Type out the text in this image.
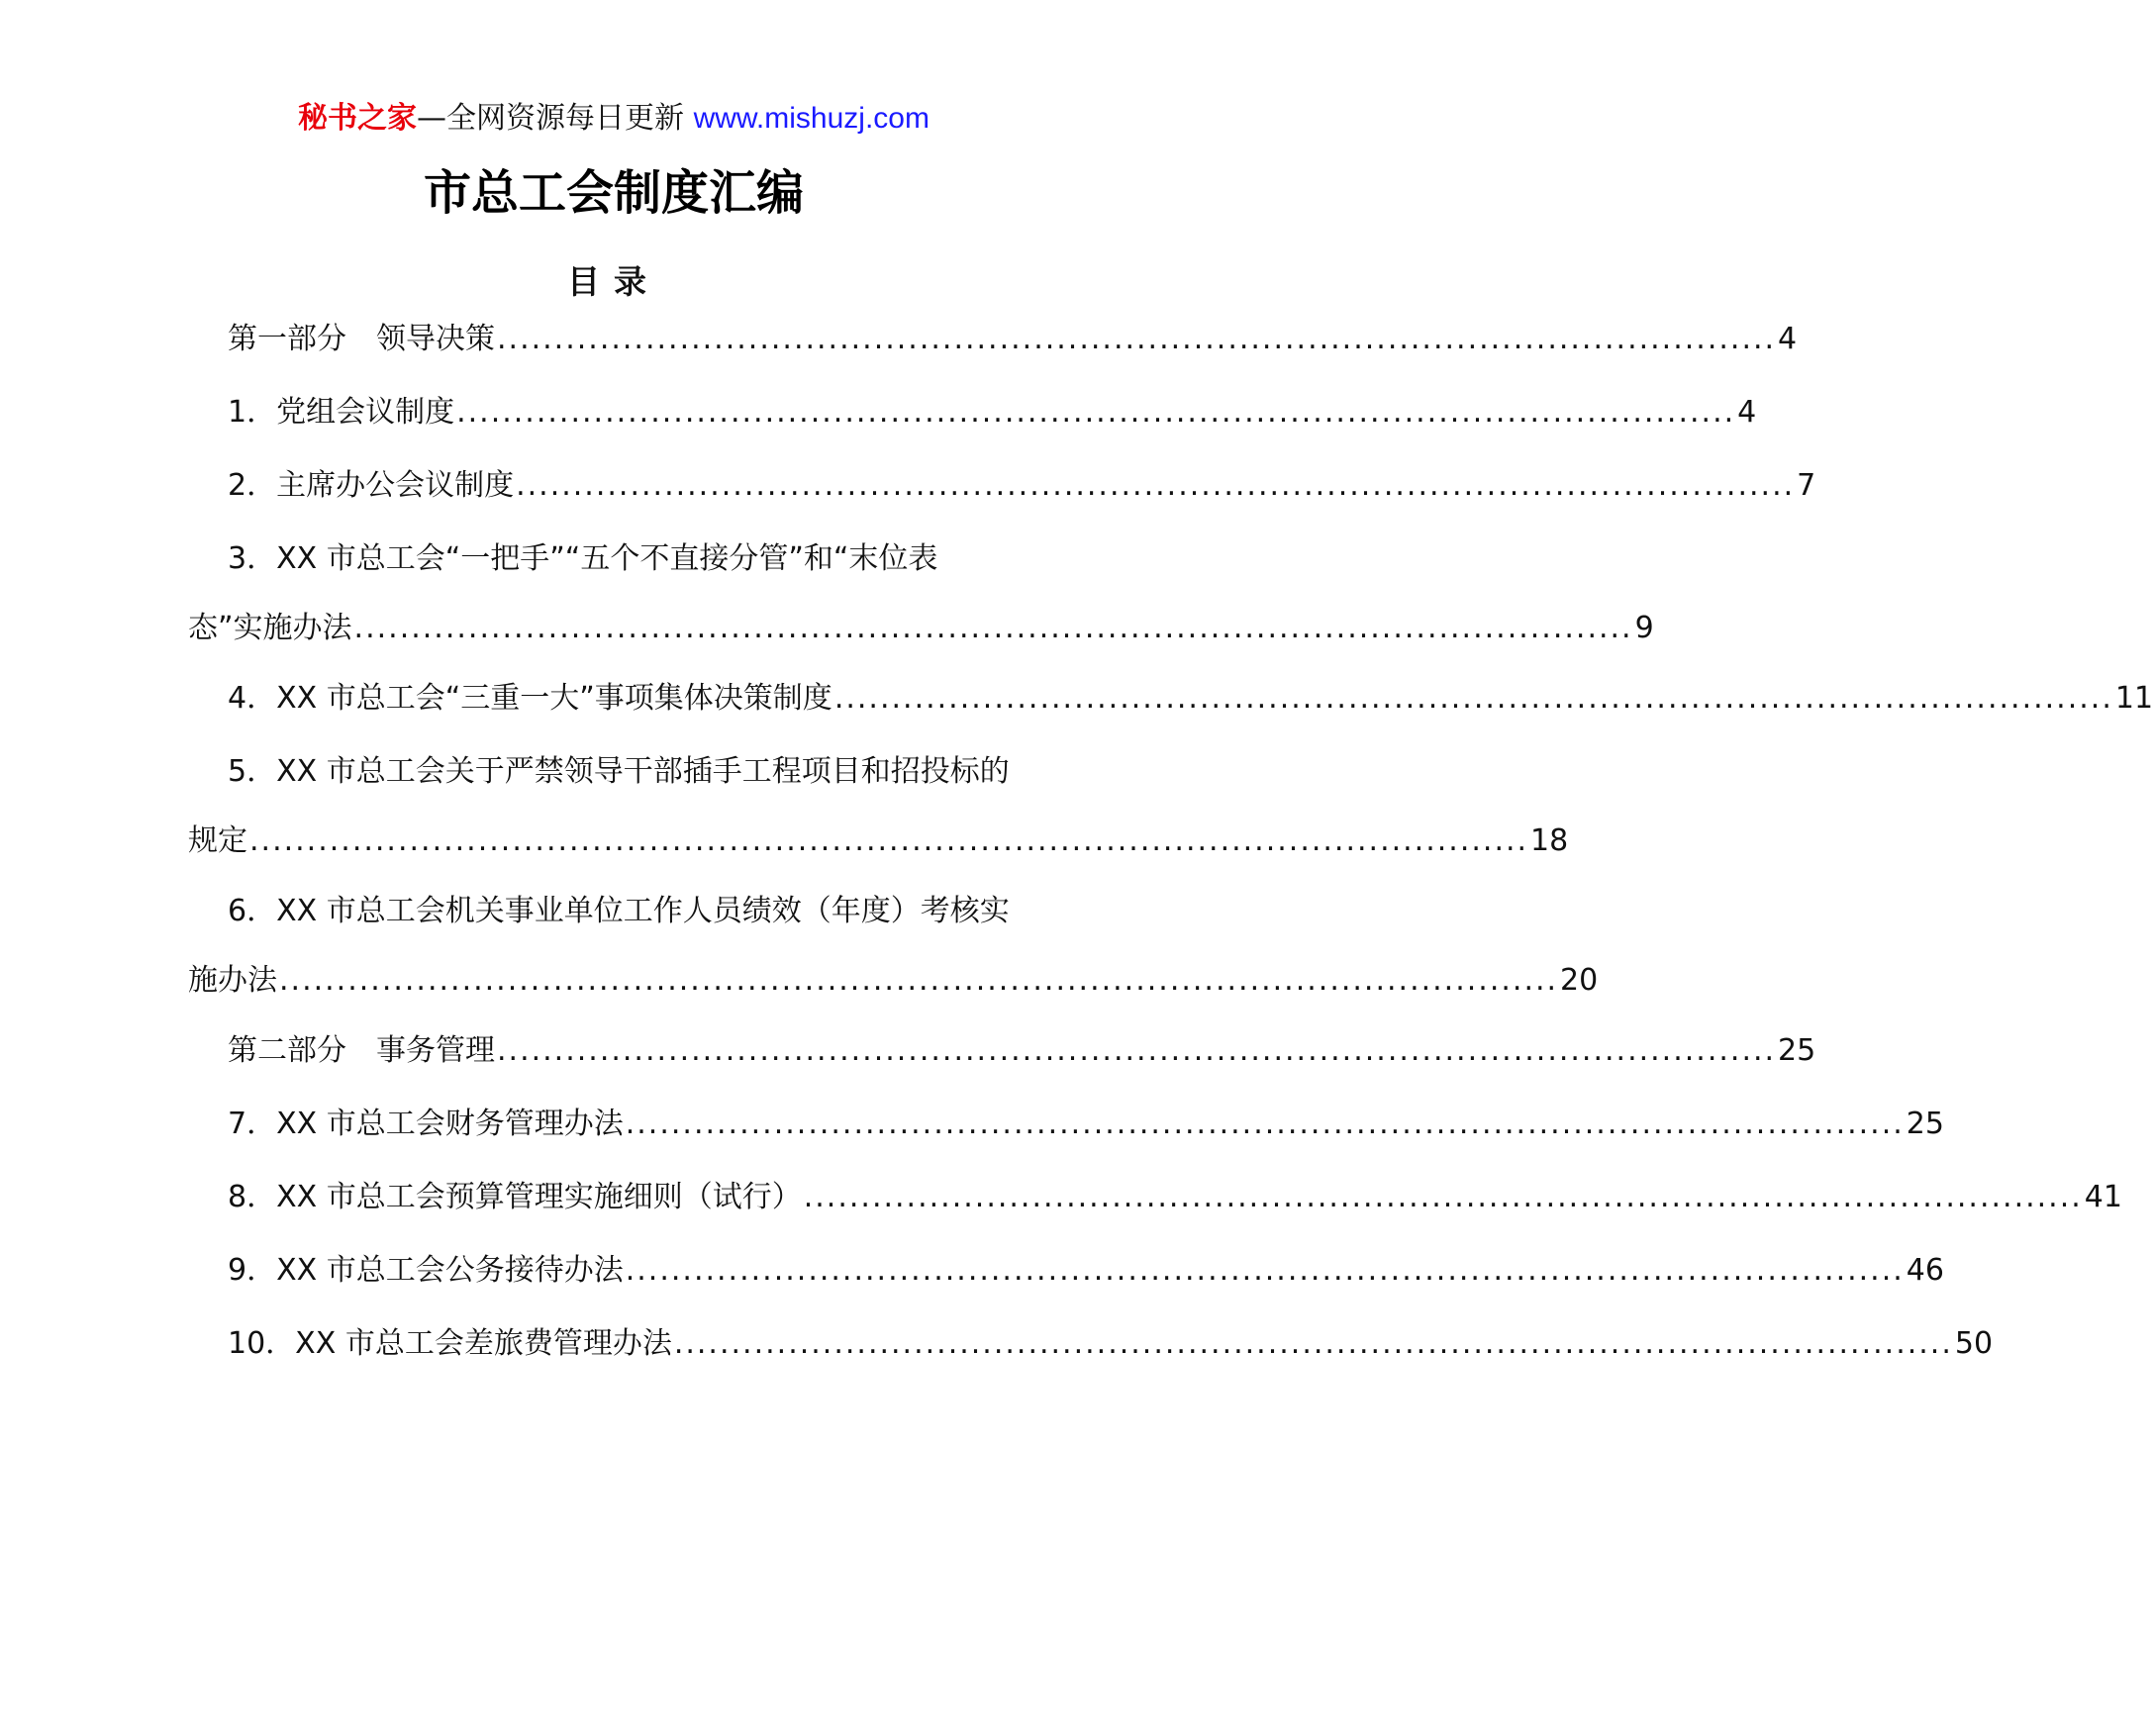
秘书之家—全网资源每日更新 www.mishuzj.com
市总工会制度汇编
目录
第一部分　领导决策 ................................................................................................................ 4
1．党组会议制度 ................................................................................................................ 4
2．主席办公会议制度 ................................................................................................................ 7
3．XX 市总工会“一把手”“五个不直接分管”和“末位表
态”实施办法 ................................................................................................................ 9
4．XX 市总工会“三重一大”事项集体决策制度 ................................................................................................................ 11
5．XX 市总工会关于严禁领导干部插手工程项目和招投标的
规定 ................................................................................................................ 18
6．XX 市总工会机关事业单位工作人员绩效（年度）考核实
施办法 ................................................................................................................ 20
第二部分　事务管理 ................................................................................................................ 25
7．XX 市总工会财务管理办法 ................................................................................................................ 25
8．XX 市总工会预算管理实施细则（试行） ................................................................................................................ 41
9．XX 市总工会公务接待办法 ................................................................................................................ 46
10．XX 市总工会差旅费管理办法 ................................................................................................................ 50
